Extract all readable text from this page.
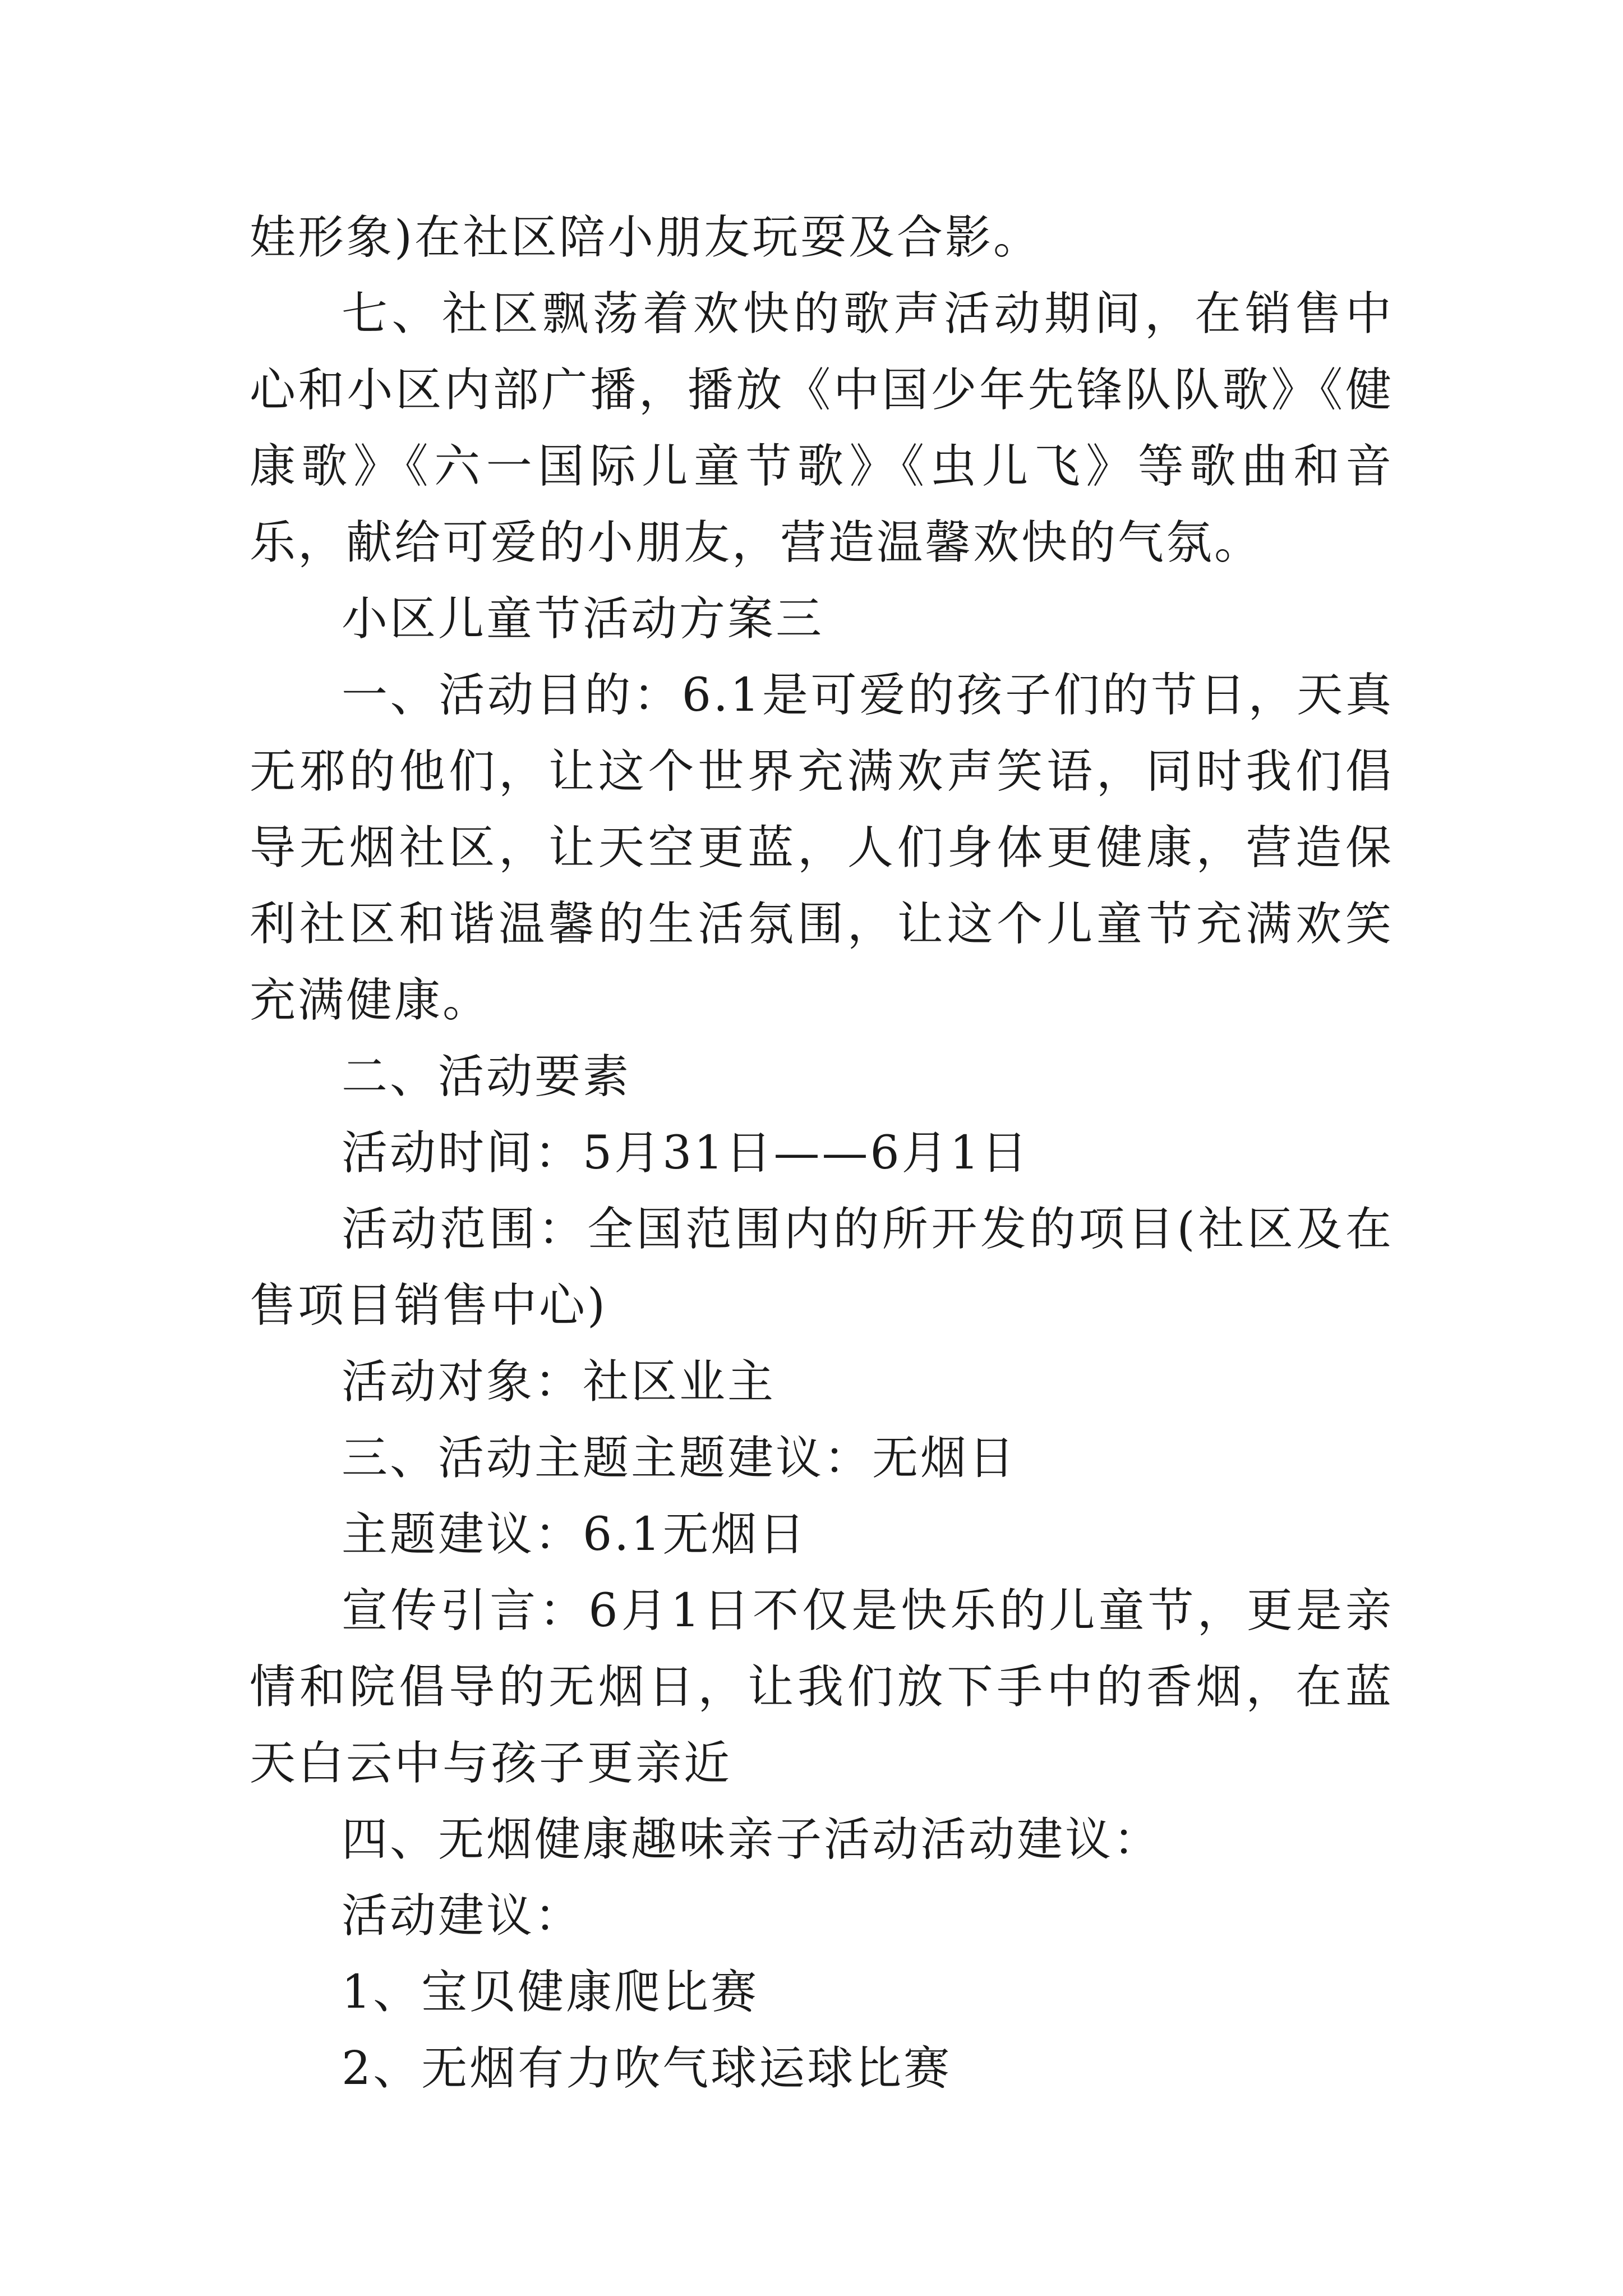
娃形象)在社区陪小朋友玩耍及合影。

七、社区飘荡着欢快的歌声活动期间，在销售中心和小区内部广播，播放《中国少年先锋队队歌》《健康歌》《六一国际儿童节歌》《虫儿飞》等歌曲和音乐，献给可爱的小朋友，营造温馨欢快的气氛。

小区儿童节活动方案三

一、活动目的：6.1是可爱的孩子们的节日，天真无邪的他们，让这个世界充满欢声笑语，同时我们倡导无烟社区，让天空更蓝，人们身体更健康，营造保利社区和谐温馨的生活氛围，让这个儿童节充满欢笑充满健康。

二、活动要素

活动时间：5月31日——6月1日

活动范围：全国范围内的所开发的项目(社区及在售项目销售中心)

活动对象：社区业主

三、活动主题主题建议：无烟日

主题建议：6.1无烟日

宣传引言：6月1日不仅是快乐的儿童节，更是亲情和院倡导的无烟日，让我们放下手中的香烟，在蓝天白云中与孩子更亲近

四、无烟健康趣味亲子活动活动建议：

活动建议：

1、宝贝健康爬比赛

2、无烟有力吹气球运球比赛
